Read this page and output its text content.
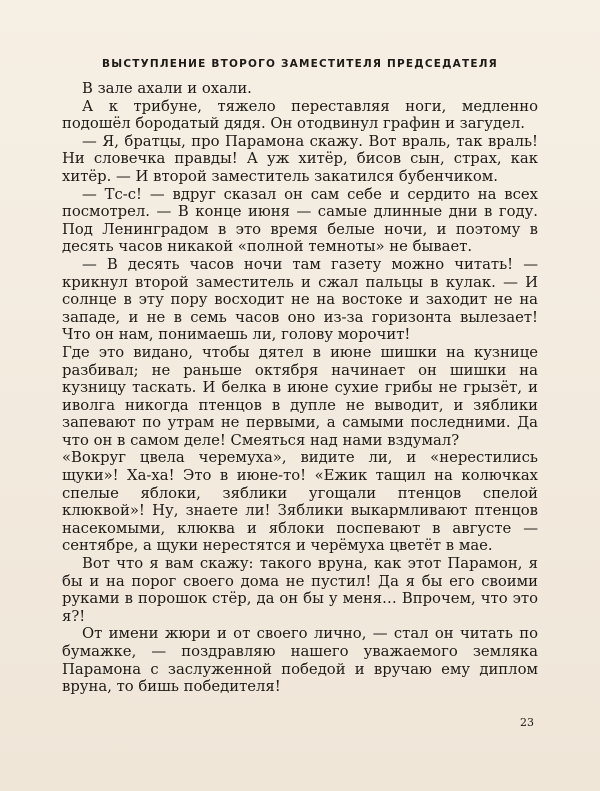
ВЫСТУПЛЕНИЕ ВТОРОГО ЗАМЕСТИТЕЛЯ ПРЕДСЕДАТЕЛЯ

В зале ахали и охали.

А к трибуне, тяжело переставляя ноги, медленно подошёл бородатый дядя. Он отодвинул графин и загудел.

— Я, братцы, про Парамона скажу. Вот враль, так враль! Ни словечка правды! А уж хитёр, бисов сын, страх, как хитёр. — И второй заместитель закатился бубенчиком.

— Тс-с! — вдруг сказал он сам себе и сердито на всех посмотрел. — В конце июня — самые длинные дни в году. Под Ленинградом в это время белые ночи, и поэтому в десять часов никакой «полной темноты» не бывает.

— В десять часов ночи там газету можно читать! — крикнул второй заместитель и сжал пальцы в кулак. — И солнце в эту пору восходит не на востоке и заходит не на западе, и не в семь часов оно из-за горизонта вылезает! Что он нам, понимаешь ли, голову морочит!

Где это видано, чтобы дятел в июне шишки на кузнице разбивал; не раньше октября начинает он шишки на кузницу таскать. И белка в июне сухие грибы не грызёт, и иволга никогда птенцов в дупле не выводит, и зяблики запевают по утрам не первыми, а самыми последними. Да что он в самом деле! Смеяться над нами вздумал?

«Вокруг цвела черемуха», видите ли, и «нерестились щуки»! Ха-ха! Это в июне-то! «Ежик тащил на колючках спелые яблоки, зяблики угощали птенцов спелой клюквой»! Ну, знаете ли! Зяблики выкармливают птенцов насекомыми, клюква и яблоки поспевают в августе — сентябре, а щуки нерестятся и черёмуха цветёт в мае.

Вот что я вам скажу: такого вруна, как этот Парамон, я бы и на порог своего дома не пустил! Да я бы его своими руками в порошок стёр, да он бы у меня… Впрочем, что это я?!

От имени жюри и от своего лично, — стал он читать по бумажке, — поздравляю нашего уважаемого земляка Парамона с заслуженной победой и вручаю ему диплом вруна, то бишь победителя!

23
